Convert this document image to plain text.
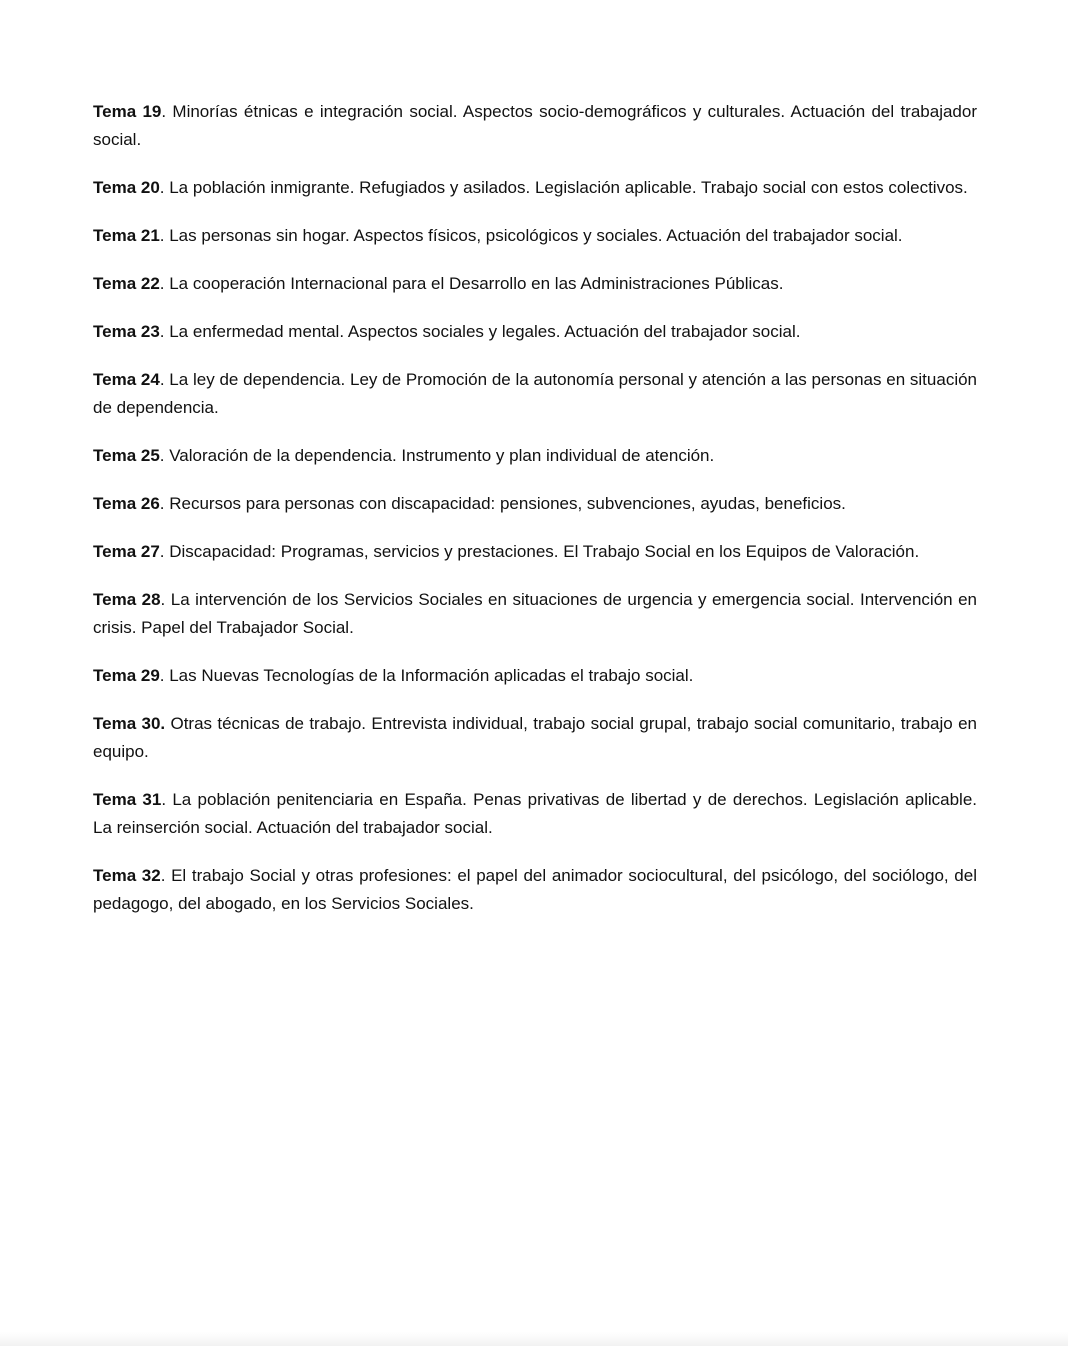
Tema 19. Minorías étnicas e integración social. Aspectos socio-demográficos y culturales. Actuación del trabajador social.

Tema 20. La población inmigrante. Refugiados y asilados. Legislación aplicable. Trabajo social con estos colectivos.

Tema 21. Las personas sin hogar. Aspectos físicos, psicológicos y sociales. Actuación del trabajador social.

Tema 22. La cooperación Internacional para el Desarrollo en las Administraciones Públicas.

Tema 23. La enfermedad mental. Aspectos sociales y legales. Actuación del trabajador social.

Tema 24. La ley de dependencia. Ley de Promoción de la autonomía personal y atención a las personas en situación de dependencia.

Tema 25. Valoración de la dependencia. Instrumento y plan individual de atención.

Tema 26. Recursos para personas con discapacidad: pensiones, subvenciones, ayudas, beneficios.

Tema 27. Discapacidad: Programas, servicios y prestaciones. El Trabajo Social en los Equipos de Valoración.

Tema 28. La intervención de los Servicios Sociales en situaciones de urgencia y emergencia social. Intervención en crisis. Papel del Trabajador Social.

Tema 29. Las Nuevas Tecnologías de la Información aplicadas el trabajo social.

Tema 30. Otras técnicas de trabajo. Entrevista individual, trabajo social grupal, trabajo social comunitario, trabajo en equipo.

Tema 31. La población penitenciaria en España. Penas privativas de libertad y de derechos. Legislación aplicable. La reinserción social. Actuación del trabajador social.

Tema 32. El trabajo Social y otras profesiones: el papel del animador sociocultural, del psicólogo, del sociólogo, del pedagogo, del abogado, en los Servicios Sociales.
